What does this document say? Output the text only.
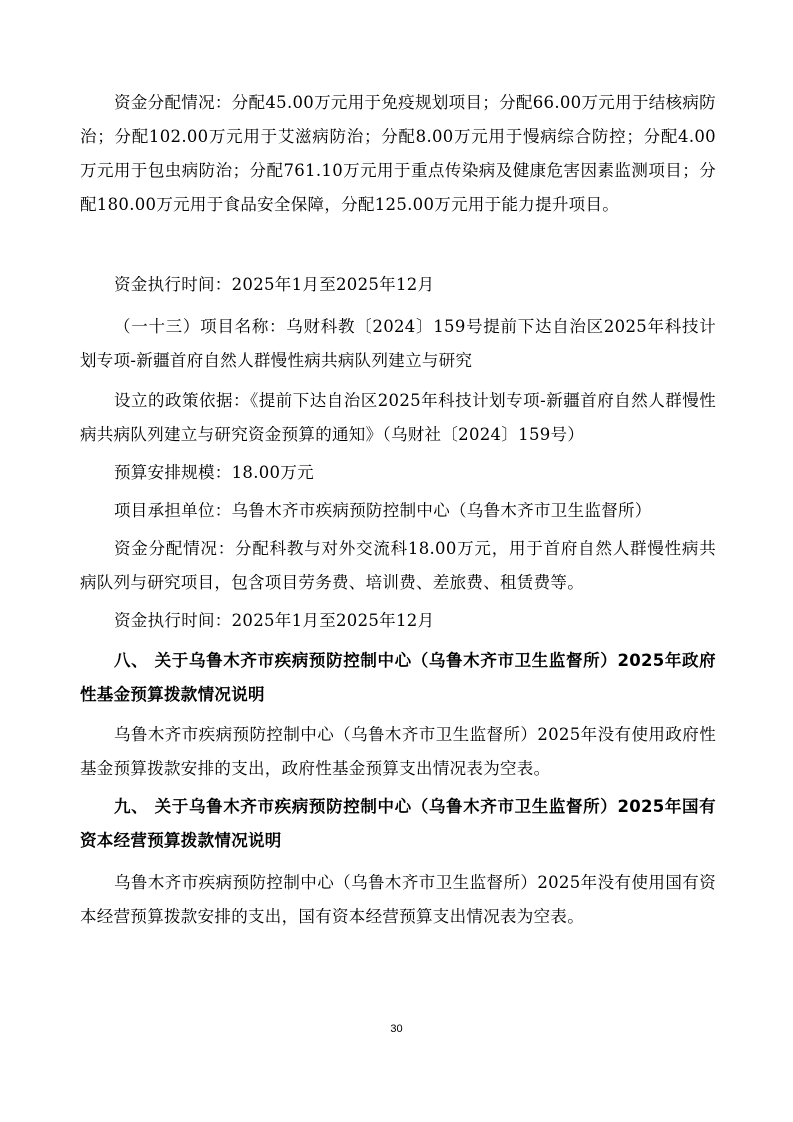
资金分配情况：分配45.00万元用于免疫规划项目；分配66.00万元用于结核病防治；分配102.00万元用于艾滋病防治；分配8.00万元用于慢病综合防控；分配4.00万元用于包虫病防治；分配761.10万元用于重点传染病及健康危害因素监测项目；分配180.00万元用于食品安全保障，分配125.00万元用于能力提升项目。

资金执行时间：2025年1月至2025年12月

（一十三）项目名称：乌财科教〔2024〕159号提前下达自治区2025年科技计划专项-新疆首府自然人群慢性病共病队列建立与研究

设立的政策依据：《提前下达自治区2025年科技计划专项-新疆首府自然人群慢性病共病队列建立与研究资金预算的通知》（乌财社〔2024〕159号）

预算安排规模：18.00万元

项目承担单位：乌鲁木齐市疾病预防控制中心（乌鲁木齐市卫生监督所）

资金分配情况：分配科教与对外交流科18.00万元，用于首府自然人群慢性病共病队列与研究项目，包含项目劳务费、培训费、差旅费、租赁费等。

资金执行时间：2025年1月至2025年12月

八、 关于乌鲁木齐市疾病预防控制中心（乌鲁木齐市卫生监督所）2025年政府性基金预算拨款情况说明

乌鲁木齐市疾病预防控制中心（乌鲁木齐市卫生监督所）2025年没有使用政府性基金预算拨款安排的支出，政府性基金预算支出情况表为空表。

九、 关于乌鲁木齐市疾病预防控制中心（乌鲁木齐市卫生监督所）2025年国有资本经营预算拨款情况说明

乌鲁木齐市疾病预防控制中心（乌鲁木齐市卫生监督所）2025年没有使用国有资本经营预算拨款安排的支出，国有资本经营预算支出情况表为空表。

30
